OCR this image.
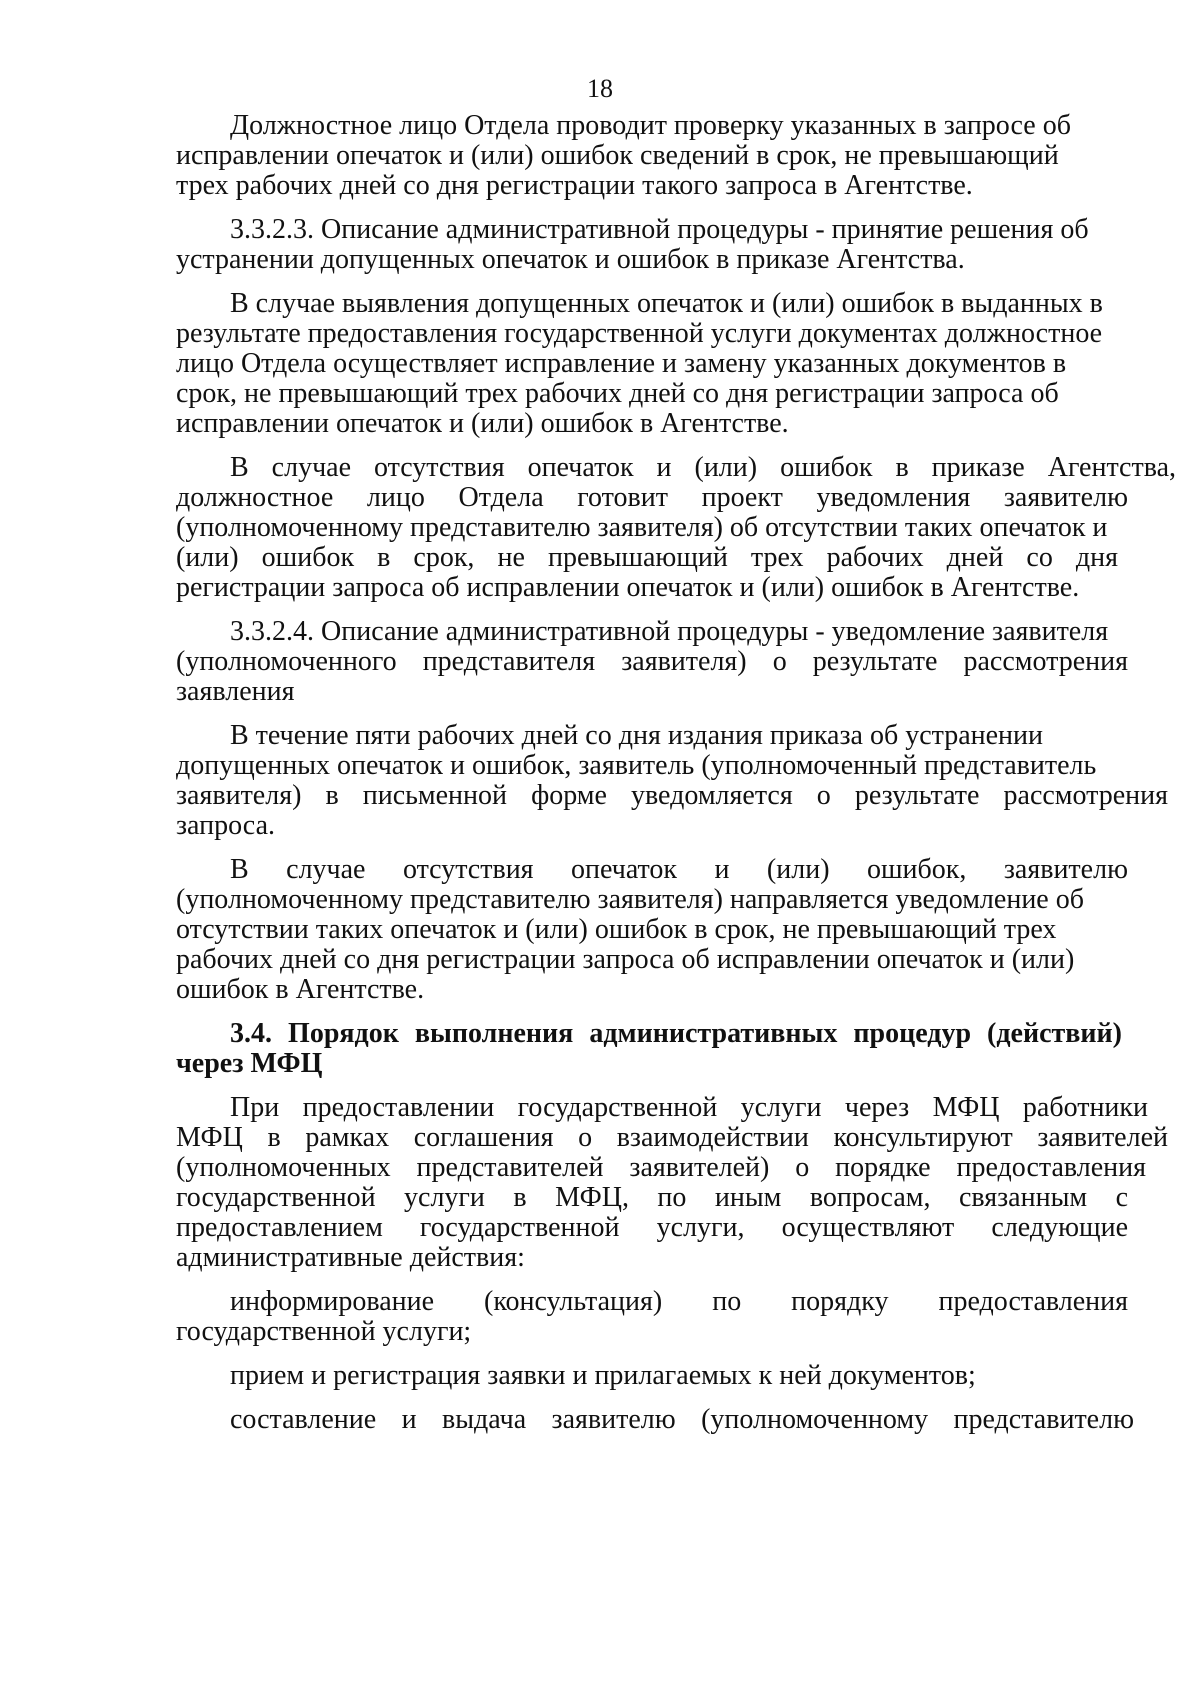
18
Должностное лицо Отдела проводит проверку указанных в запросе об
исправлении опечаток и (или) ошибок сведений в срок, не превышающий
трех рабочих дней со дня регистрации такого запроса в Агентстве.
3.3.2.3. Описание административной процедуры - принятие решения об
устранении допущенных опечаток и ошибок в приказе Агентства.
В случае выявления допущенных опечаток и (или) ошибок в выданных в
результате предоставления государственной услуги документах должностное
лицо Отдела осуществляет исправление и замену указанных документов в
срок, не превышающий трех рабочих дней со дня регистрации запроса об
исправлении опечаток и (или) ошибок в Агентстве.
В случае отсутствия опечаток и (или) ошибок в приказе Агентства,
должностное лицо Отдела готовит проект уведомления заявителю
(уполномоченному представителю заявителя) об отсутствии таких опечаток и
(или) ошибок в срок, не превышающий трех рабочих дней со дня
регистрации запроса об исправлении опечаток и (или) ошибок в Агентстве.
3.3.2.4. Описание административной процедуры - уведомление заявителя
(уполномоченного представителя заявителя) о результате рассмотрения
заявления
В течение пяти рабочих дней со дня издания приказа об устранении
допущенных опечаток и ошибок, заявитель (уполномоченный представитель
заявителя) в письменной форме уведомляется о результате рассмотрения
запроса.
В случае отсутствия опечаток и (или) ошибок, заявителю
(уполномоченному представителю заявителя) направляется уведомление об
отсутствии таких опечаток и (или) ошибок в срок, не превышающий трех
рабочих дней со дня регистрации запроса об исправлении опечаток и (или)
ошибок в Агентстве.
3.4. Порядок выполнения административных процедур (действий)
через МФЦ
При предоставлении государственной услуги через МФЦ работники
МФЦ в рамках соглашения о взаимодействии консультируют заявителей
(уполномоченных представителей заявителей) о порядке предоставления
государственной услуги в МФЦ, по иным вопросам, связанным с
предоставлением государственной услуги, осуществляют следующие
административные действия:
информирование (консультация) по порядку предоставления
государственной услуги;
прием и регистрация заявки и прилагаемых к ней документов;
составление и выдача заявителю (уполномоченному представителю
